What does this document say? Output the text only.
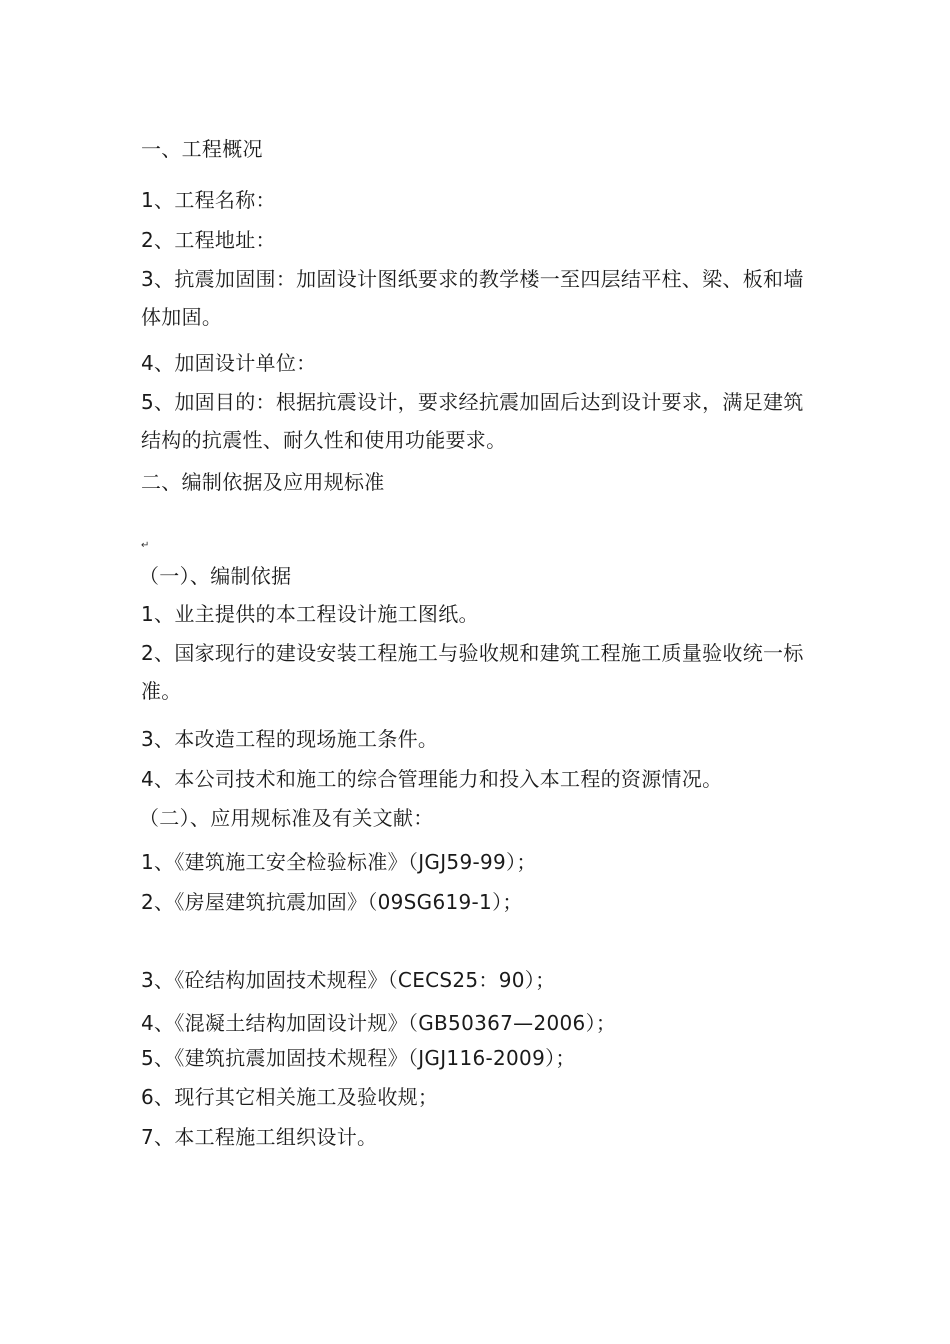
一、工程概况
1、工程名称：
2、工程地址：
3、抗震加固围：加固设计图纸要求的教学楼一至四层结平柱、梁、板和墙体加固。
4、加固设计单位：
5、加固目的：根据抗震设计，要求经抗震加固后达到设计要求，满足建筑结构的抗震性、耐久性和使用功能要求。
二、编制依据及应用规标准
↵
（一）、编制依据
1、业主提供的本工程设计施工图纸。
2、国家现行的建设安装工程施工与验收规和建筑工程施工质量验收统一标准。
3、本改造工程的现场施工条件。
4、本公司技术和施工的综合管理能力和投入本工程的资源情况。
（二）、应用规标准及有关文献：
1、《建筑施工安全检验标准》（JGJ59-99）；
2、《房屋建筑抗震加固》（09SG619-1）；
3、《砼结构加固技术规程》（CECS25：90）；
4、《混凝土结构加固设计规》（GB50367—2006）；
5、《建筑抗震加固技术规程》（JGJ116-2009）；
6、现行其它相关施工及验收规；
7、本工程施工组织设计。
